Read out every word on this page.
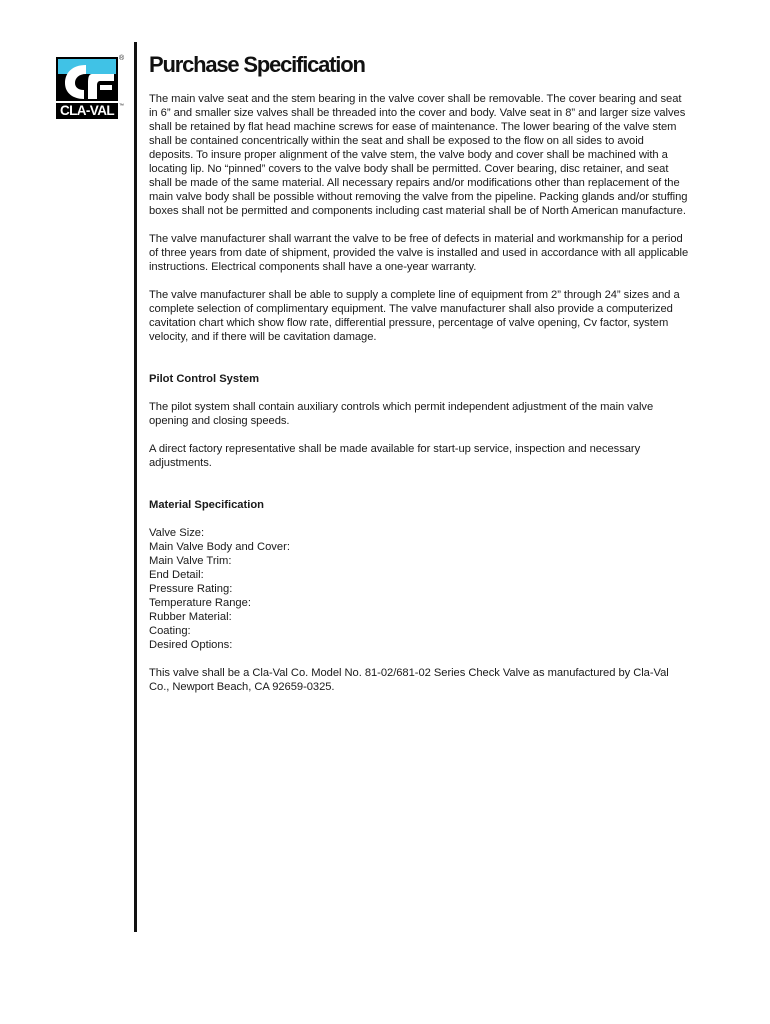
®
CLA-VAL ™
Purchase Specification

The main valve seat and the stem bearing in the valve cover shall be removable. The cover bearing and seat in 6” and smaller size valves shall be threaded into the cover and body. Valve seat in 8” and larger size valves shall be retained by flat head machine screws for ease of maintenance. The lower bearing of the valve stem shall be contained concentrically within the seat and shall be exposed to the flow on all sides to avoid deposits. To insure proper alignment of the valve stem, the valve body and cover shall be machined with a locating lip. No “pinned” covers to the valve body shall be permitted. Cover bearing, disc retainer, and seat shall be made of the same material. All necessary repairs and/or modifications other than replacement of the main valve body shall be possible without removing the valve from the pipeline. Packing glands and/or stuffing boxes shall not be permitted and components including cast material shall be of North American manufacture.

The valve manufacturer shall warrant the valve to be free of defects in material and workmanship for a period of three years from date of shipment, provided the valve is installed and used in accordance with all applicable instructions. Electrical components shall have a one-year warranty.

The valve manufacturer shall be able to supply a complete line of equipment from 2” through 24” sizes and a complete selection of complimentary equipment. The valve manufacturer shall also provide a computerized cavitation chart which show flow rate, differential pressure, percentage of valve opening, Cv factor, system velocity, and if there will be cavitation damage.

Pilot Control System

The pilot system shall contain auxiliary controls which permit independent adjustment of the main valve opening and closing speeds.

A direct factory representative shall be made available for start-up service, inspection and necessary adjustments.

Material Specification
Valve Size:
Main Valve Body and Cover:
Main Valve Trim:
End Detail:
Pressure Rating:
Temperature Range:
Rubber Material:
Coating:
Desired Options:

This valve shall be a Cla-Val Co. Model No. 81-02/681-02 Series Check Valve as manufactured by Cla-Val Co., Newport Beach, CA 92659-0325.
